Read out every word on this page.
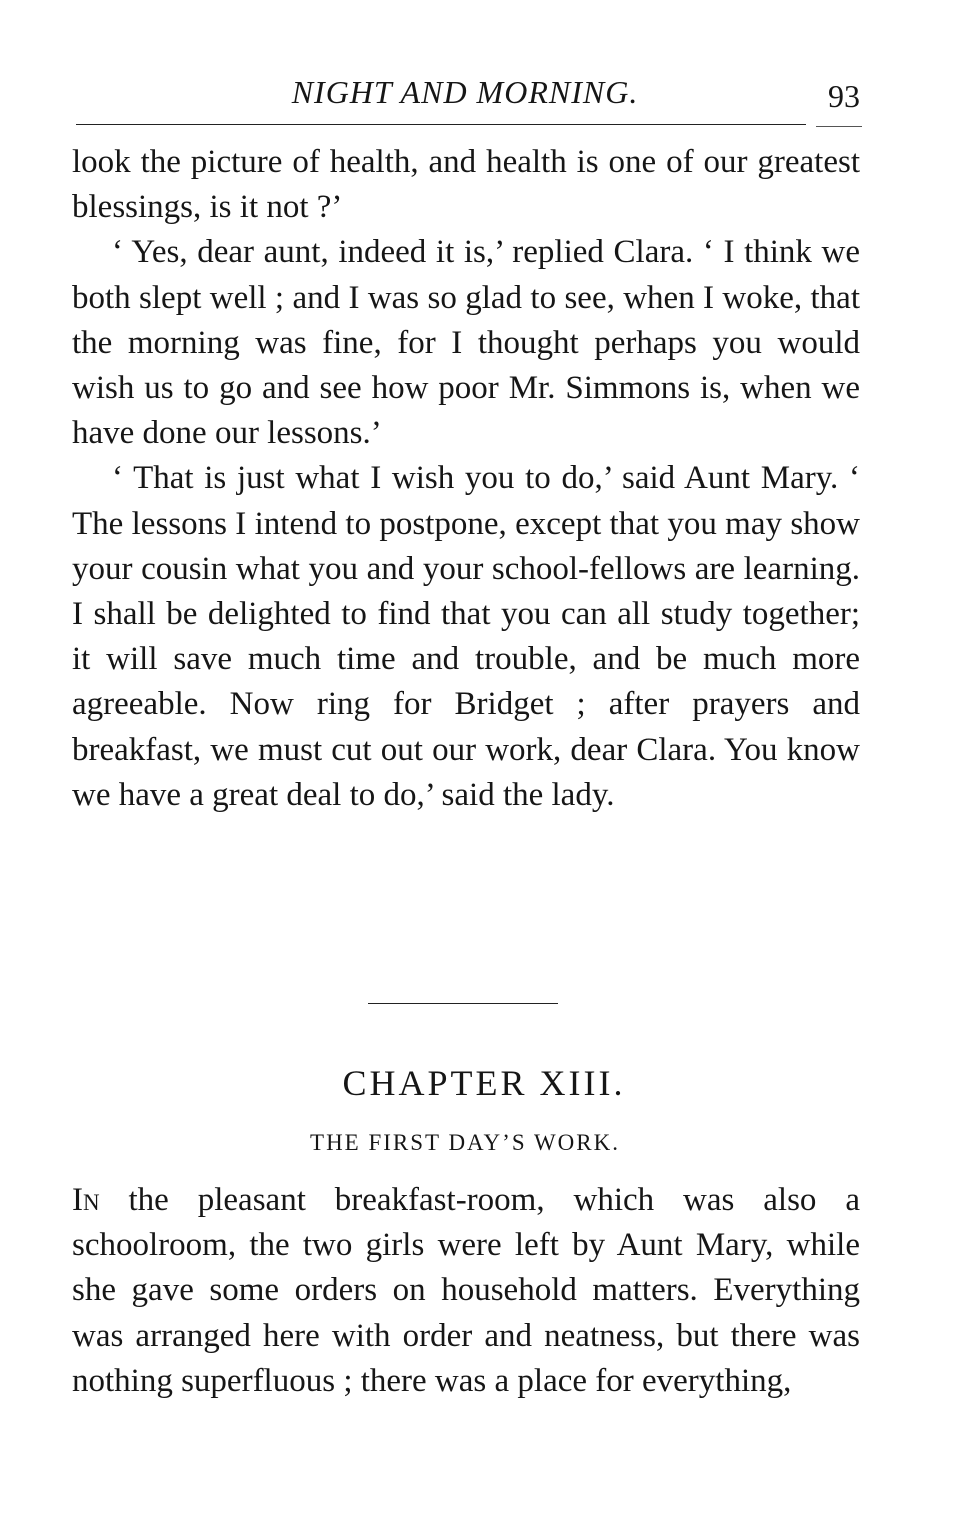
NIGHT AND MORNING.	93

look the picture of health, and health is one of our greatest blessings, is it not ?’

‘ Yes, dear aunt, indeed it is,’ replied Clara. ‘ I think we both slept well ; and I was so glad to see, when I woke, that the morning was fine, for I thought perhaps you would wish us to go and see how poor Mr. Simmons is, when we have done our lessons.’

‘ That is just what I wish you to do,’ said Aunt Mary. ‘ The lessons I intend to postpone, except that you may show your cousin what you and your school-fellows are learning. I shall be delighted to find that you can all study together; it will save much time and trouble, and be much more agreeable. Now ring for Bridget ; after prayers and breakfast, we must cut out our work, dear Clara. You know we have a great deal to do,’ said the lady.

CHAPTER XIII.
THE FIRST DAY’S WORK.

In the pleasant breakfast-room, which was also a schoolroom, the two girls were left by Aunt Mary, while she gave some orders on household matters. Everything was arranged here with order and neatness, but there was nothing superfluous ; there was a place for everything,
